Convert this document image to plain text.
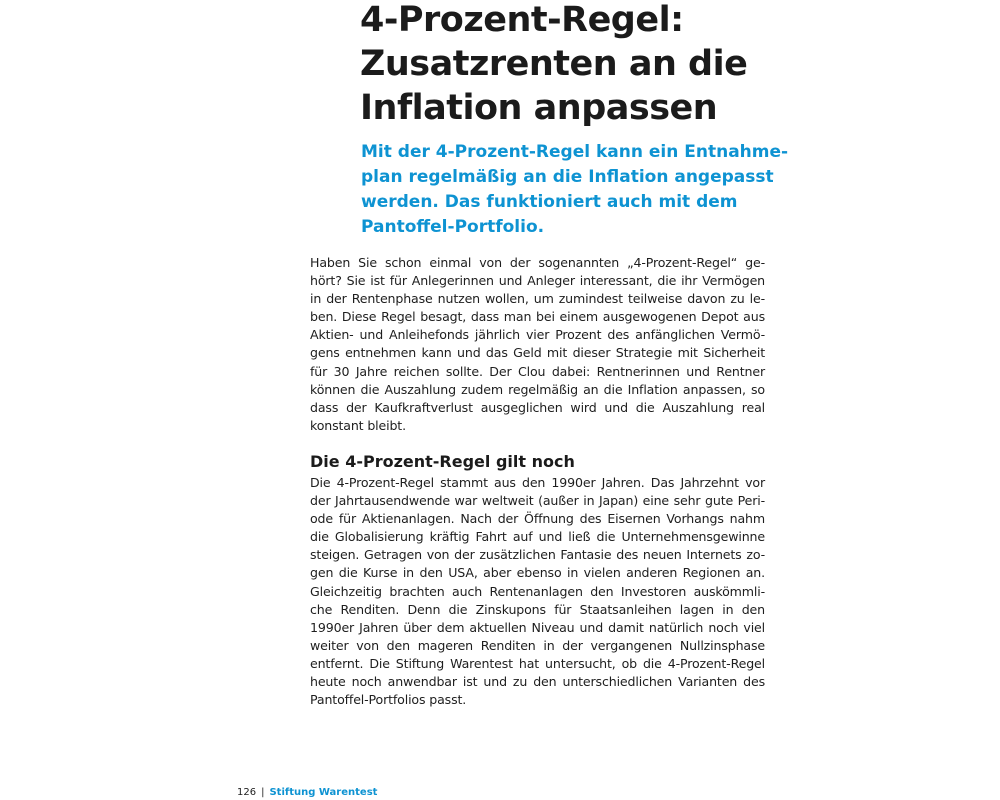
4-Prozent-Regel:
Zusatzrenten an die
Inflation anpassen

Mit der 4-Prozent-Regel kann ein Entnahme-
plan regelmäßig an die Inflation angepasst
werden. Das funktioniert auch mit dem
Pantoffel-Portfolio.

Haben Sie schon einmal von der sogenannten „4-Prozent-Regel“ ge-
hört? Sie ist für Anlegerinnen und Anleger interessant, die ihr Vermögen
in der Rentenphase nutzen wollen, um zumindest teilweise davon zu le-
ben. Diese Regel besagt, dass man bei einem ausgewogenen Depot aus
Aktien- und Anleihefonds jährlich vier Prozent des anfänglichen Vermö-
gens entnehmen kann und das Geld mit dieser Strategie mit Sicherheit
für 30 Jahre reichen sollte. Der Clou dabei: Rentnerinnen und Rentner
können die Auszahlung zudem regelmäßig an die Inflation anpassen, so
dass der Kaufkraftverlust ausgeglichen wird und die Auszahlung real
konstant bleibt.

Die 4-Prozent-Regel gilt noch

Die 4-Prozent-Regel stammt aus den 1990er Jahren. Das Jahrzehnt vor
der Jahrtausendwende war weltweit (außer in Japan) eine sehr gute Peri-
ode für Aktienanlagen. Nach der Öffnung des Eisernen Vorhangs nahm
die Globalisierung kräftig Fahrt auf und ließ die Unternehmensgewinne
steigen. Getragen von der zusätzlichen Fantasie des neuen Internets zo-
gen die Kurse in den USA, aber ebenso in vielen anderen Regionen an.
Gleichzeitig brachten auch Rentenanlagen den Investoren auskömmli-
che Renditen. Denn die Zinskupons für Staatsanleihen lagen in den
1990er Jahren über dem aktuellen Niveau und damit natürlich noch viel
weiter von den mageren Renditen in der vergangenen Nullzinsphase
entfernt. Die Stiftung Warentest hat untersucht, ob die 4-Prozent-Regel
heute noch anwendbar ist und zu den unterschiedlichen Varianten des
Pantoffel-Portfolios passt.

126 | Stiftung Warentest
